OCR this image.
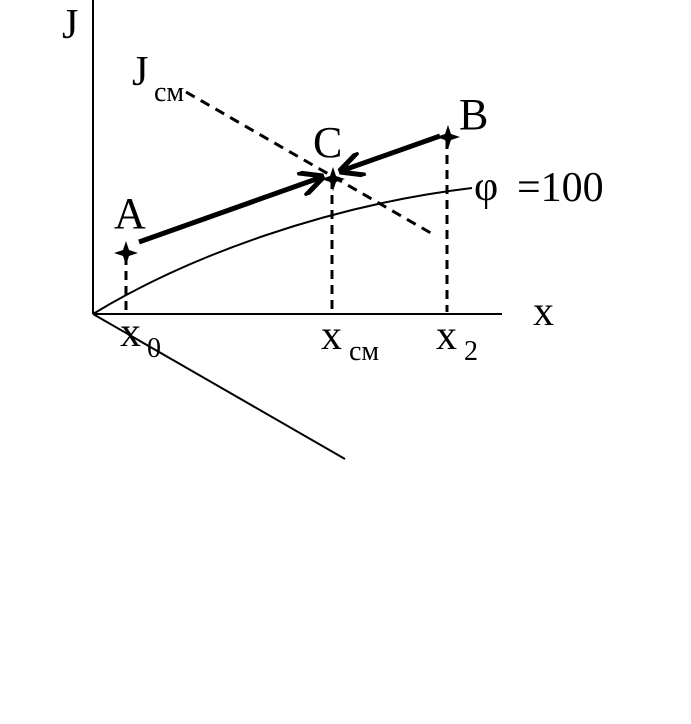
J
x
φ =100
J см
A
C
B
x 0	x см x 2
